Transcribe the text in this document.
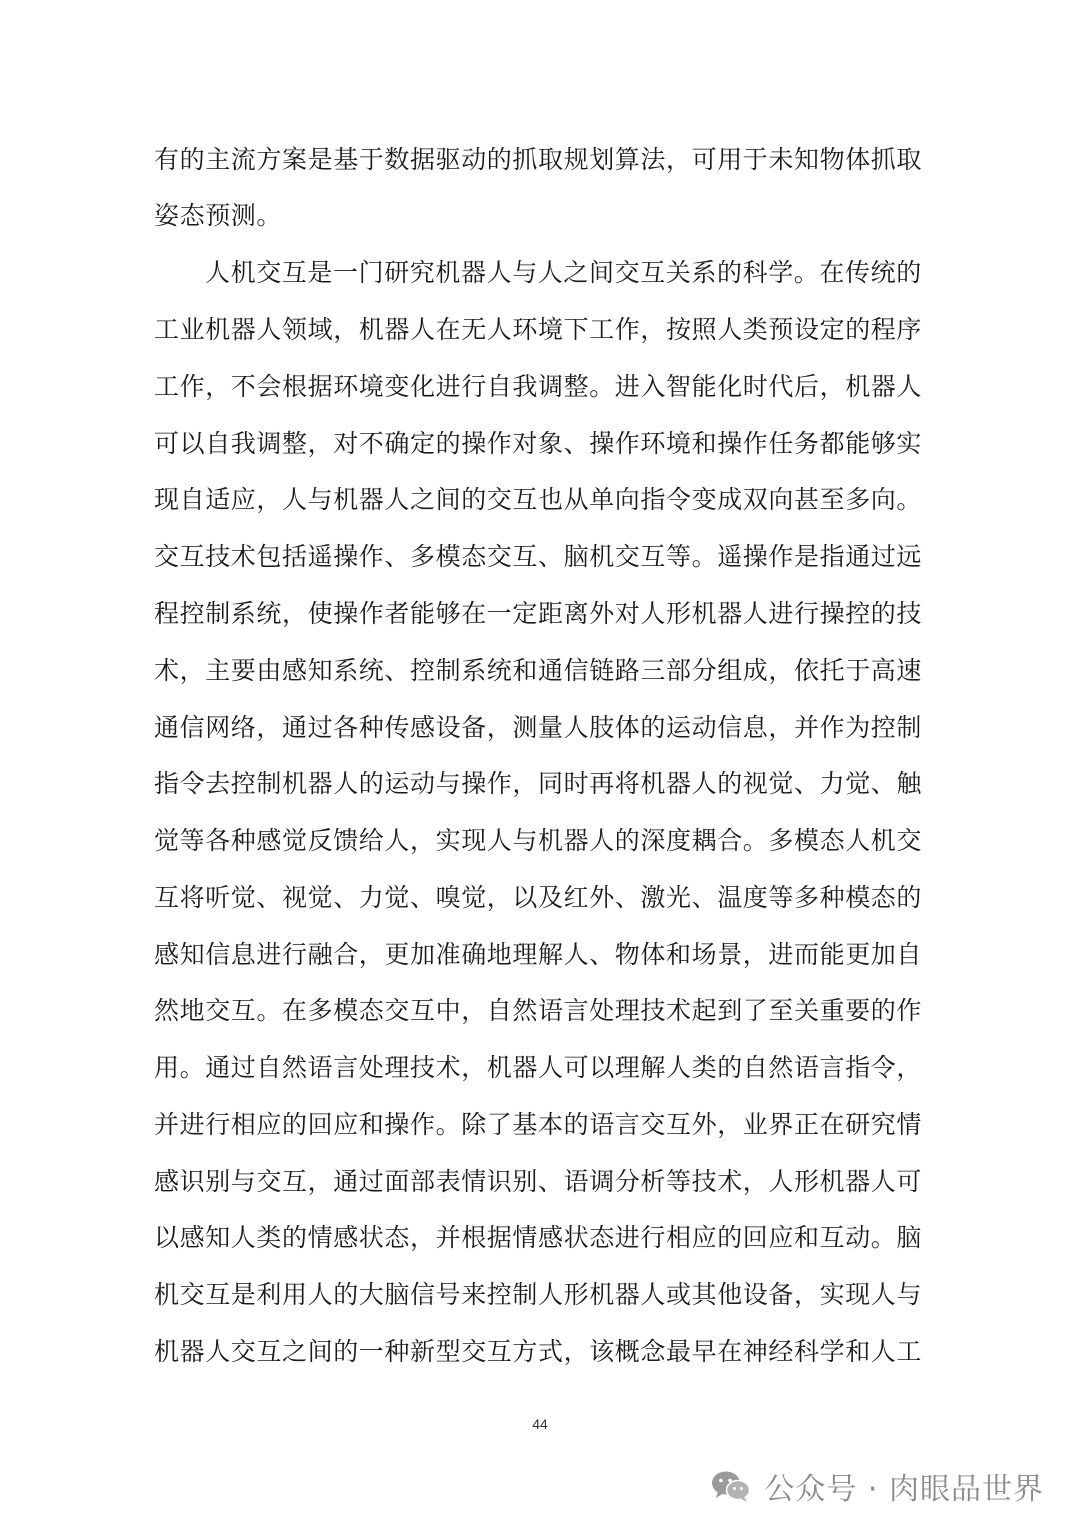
有的主流方案是基于数据驱动的抓取规划算法，可用于未知物体抓取
姿态预测。
人机交互是一门研究机器人与人之间交互关系的科学。在传统的
工业机器人领域，机器人在无人环境下工作，按照人类预设定的程序
工作，不会根据环境变化进行自我调整。进入智能化时代后，机器人
可以自我调整，对不确定的操作对象、操作环境和操作任务都能够实
现自适应，人与机器人之间的交互也从单向指令变成双向甚至多向。
交互技术包括遥操作、多模态交互、脑机交互等。遥操作是指通过远
程控制系统，使操作者能够在一定距离外对人形机器人进行操控的技
术，主要由感知系统、控制系统和通信链路三部分组成，依托于高速
通信网络，通过各种传感设备，测量人肢体的运动信息，并作为控制
指令去控制机器人的运动与操作，同时再将机器人的视觉、力觉、触
觉等各种感觉反馈给人，实现人与机器人的深度耦合。多模态人机交
互将听觉、视觉、力觉、嗅觉，以及红外、激光、温度等多种模态的
感知信息进行融合，更加准确地理解人、物体和场景，进而能更加自
然地交互。在多模态交互中，自然语言处理技术起到了至关重要的作
用。通过自然语言处理技术，机器人可以理解人类的自然语言指令，
并进行相应的回应和操作。除了基本的语言交互外，业界正在研究情
感识别与交互，通过面部表情识别、语调分析等技术，人形机器人可
以感知人类的情感状态，并根据情感状态进行相应的回应和互动。脑
机交互是利用人的大脑信号来控制人形机器人或其他设备，实现人与
机器人交互之间的一种新型交互方式，该概念最早在神经科学和人工
44
公众号 · 肉眼品世界
